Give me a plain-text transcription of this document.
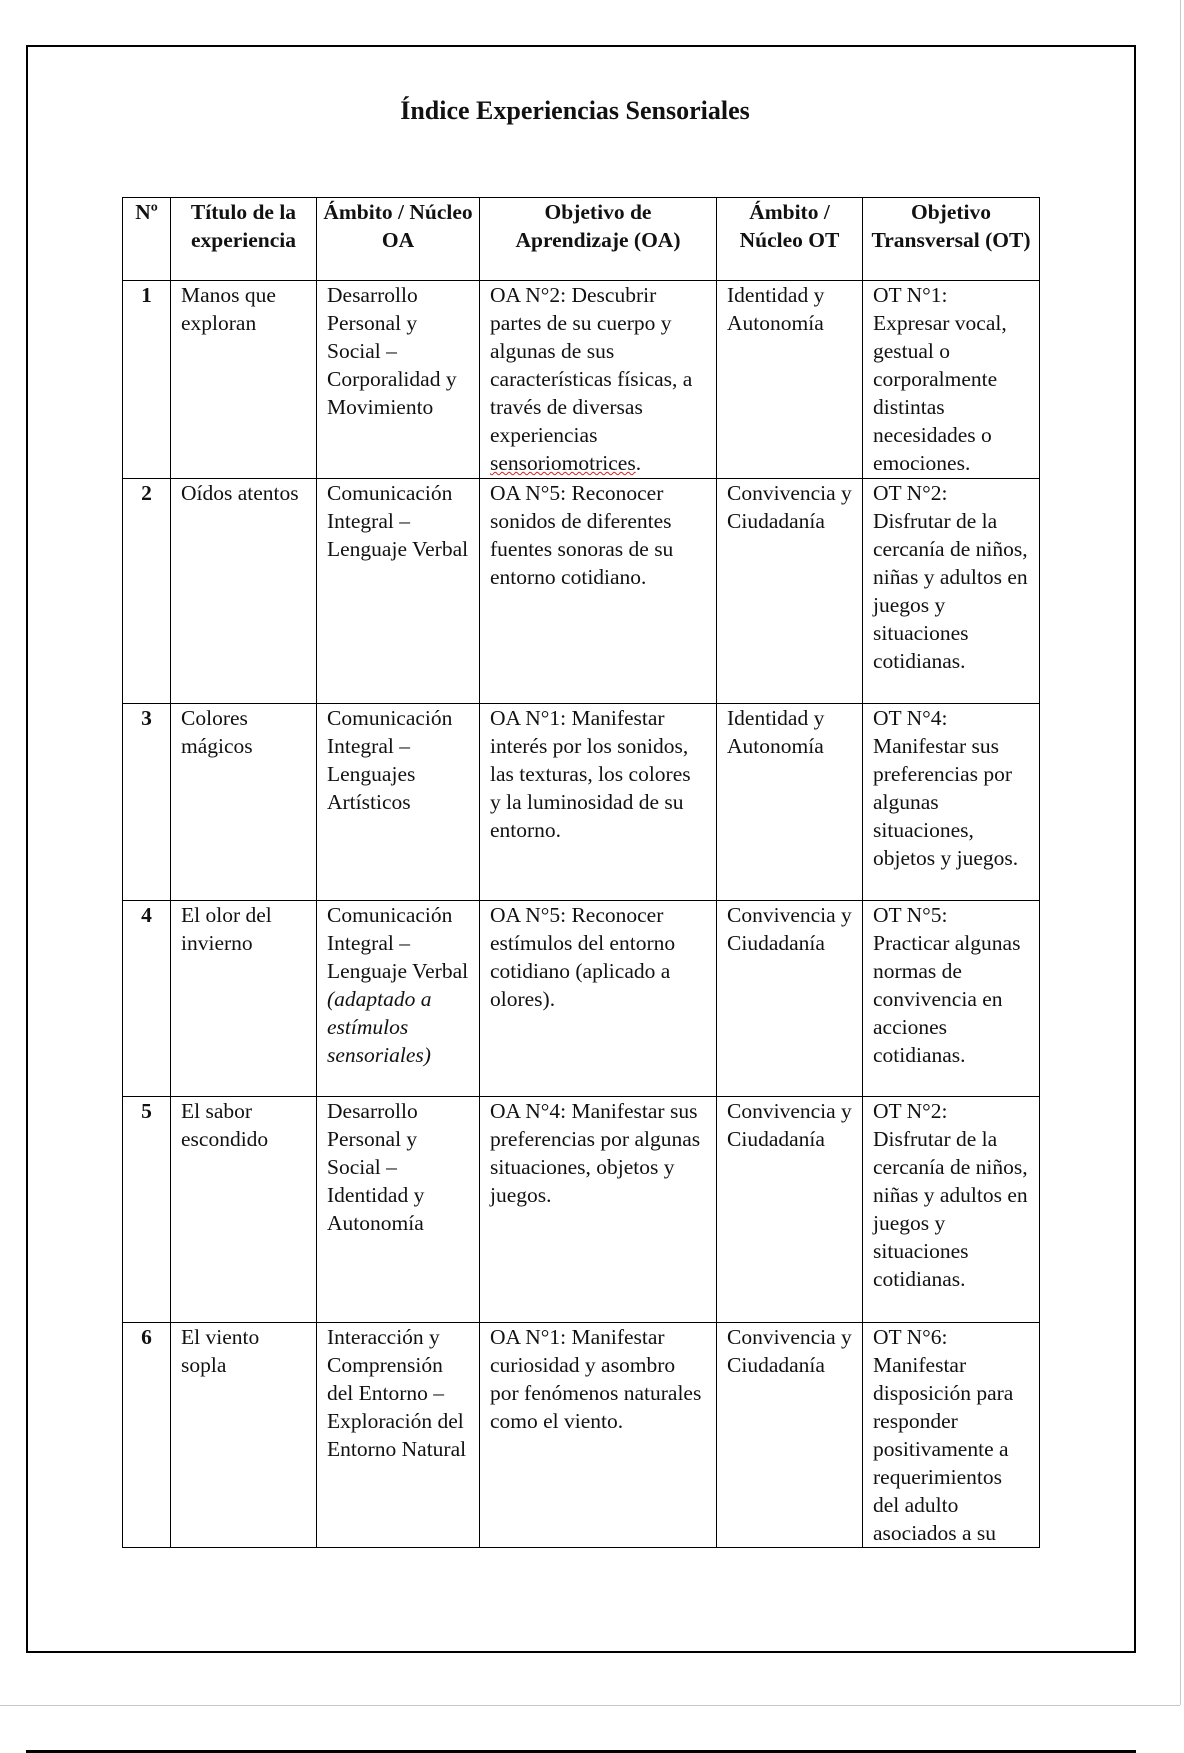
Índice Experiencias Sensoriales
Nº	Título de la experiencia	Ámbito / Núcleo OA	Objetivo de Aprendizaje (OA)	Ámbito / Núcleo OT	Objetivo Transversal (OT)
1	Manos que exploran	Desarrollo Personal y Social – Corporalidad y Movimiento	OA N°2: Descubrir partes de su cuerpo y algunas de sus características físicas, a través de diversas experiencias sensoriomotrices.	Identidad y Autonomía	OT N°1: Expresar vocal, gestual o corporalmente distintas necesidades o emociones.
2	Oídos atentos	Comunicación Integral – Lenguaje Verbal	OA N°5: Reconocer sonidos de diferentes fuentes sonoras de su entorno cotidiano.	Convivencia y Ciudadanía	OT N°2: Disfrutar de la cercanía de niños, niñas y adultos en juegos y situaciones cotidianas.
3	Colores mágicos	Comunicación Integral – Lenguajes Artísticos	OA N°1: Manifestar interés por los sonidos, las texturas, los colores y la luminosidad de su entorno.	Identidad y Autonomía	OT N°4: Manifestar sus preferencias por algunas situaciones, objetos y juegos.
4	El olor del invierno	Comunicación Integral – Lenguaje Verbal (adaptado a estímulos sensoriales)	OA N°5: Reconocer estímulos del entorno cotidiano (aplicado a olores).	Convivencia y Ciudadanía	OT N°5: Practicar algunas normas de convivencia en acciones cotidianas.
5	El sabor escondido	Desarrollo Personal y Social – Identidad y Autonomía	OA N°4: Manifestar sus preferencias por algunas situaciones, objetos y juegos.	Convivencia y Ciudadanía	OT N°2: Disfrutar de la cercanía de niños, niñas y adultos en juegos y situaciones cotidianas.
6	El viento sopla	Interacción y Comprensión del Entorno – Exploración del Entorno Natural	OA N°1: Manifestar curiosidad y asombro por fenómenos naturales como el viento.	Convivencia y Ciudadanía	OT N°6: Manifestar disposición para responder positivamente a requerimientos del adulto asociados a su
